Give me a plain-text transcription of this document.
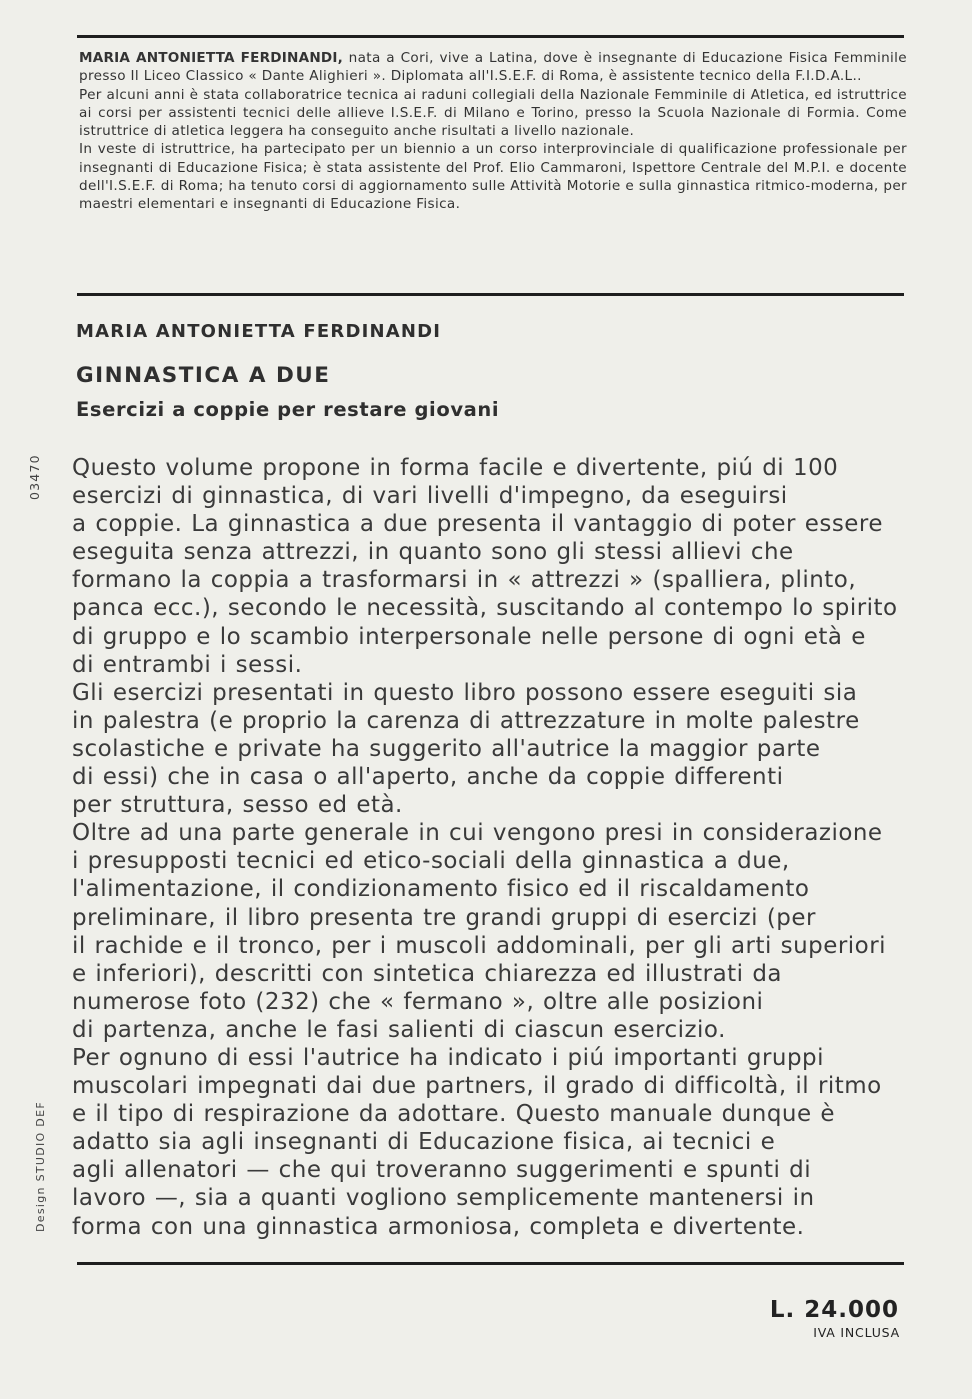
MARIA ANTONIETTA FERDINANDI, nata a Cori, vive a Latina, dove è insegnante di Educazione Fisica Femminile presso Il Liceo Classico « Dante Alighieri ». Diplomata all'I.S.E.F. di Roma, è assistente tecnico della F.I.D.A.L..

Per alcuni anni è stata collaboratrice tecnica ai raduni collegiali della Nazionale Femminile di Atletica, ed istruttrice ai corsi per assistenti tecnici delle allieve I.S.E.F. di Milano e Torino, presso la Scuola Nazionale di Formia. Come istruttrice di atletica leggera ha conseguito anche risultati a livello nazionale.

In veste di istruttrice, ha partecipato per un biennio a un corso interprovinciale di qualificazione professionale per insegnanti di Educazione Fisica; è stata assistente del Prof. Elio Cammaroni, Ispettore Centrale del M.P.I. e docente dell'I.S.E.F. di Roma; ha tenuto corsi di aggiornamento sulle Attività Motorie e sulla ginnastica ritmico-moderna, per maestri elementari e insegnanti di Educazione Fisica.

MARIA ANTONIETTA FERDINANDI
GINNASTICA A DUE
Esercizi a coppie per restare giovani
03470
Design STUDIO DEF
Questo volume propone in forma facile e divertente, piú di 100
esercizi di ginnastica, di vari livelli d'impegno, da eseguirsi
a coppie. La ginnastica a due presenta il vantaggio di poter essere
eseguita senza attrezzi, in quanto sono gli stessi allievi che
formano la coppia a trasformarsi in « attrezzi » (spalliera, plinto,
panca ecc.), secondo le necessità, suscitando al contempo lo spirito
di gruppo e lo scambio interpersonale nelle persone di ogni età e
di entrambi i sessi.
Gli esercizi presentati in questo libro possono essere eseguiti sia
in palestra (e proprio la carenza di attrezzature in molte palestre
scolastiche e private ha suggerito all'autrice la maggior parte
di essi) che in casa o all'aperto, anche da coppie differenti
per struttura, sesso ed età.
Oltre ad una parte generale in cui vengono presi in considerazione
i presupposti tecnici ed etico-sociali della ginnastica a due,
l'alimentazione, il condizionamento fisico ed il riscaldamento
preliminare, il libro presenta tre grandi gruppi di esercizi (per
il rachide e il tronco, per i muscoli addominali, per gli arti superiori
e inferiori), descritti con sintetica chiarezza ed illustrati da
numerose foto (232) che « fermano », oltre alle posizioni
di partenza, anche le fasi salienti di ciascun esercizio.
Per ognuno di essi l'autrice ha indicato i piú importanti gruppi
muscolari impegnati dai due partners, il grado di difficoltà, il ritmo
e il tipo di respirazione da adottare. Questo manuale dunque è
adatto sia agli insegnanti di Educazione fisica, ai tecnici e
agli allenatori — che qui troveranno suggerimenti e spunti di
lavoro —, sia a quanti vogliono semplicemente mantenersi in
forma con una ginnastica armoniosa, completa e divertente.
L. 24.000
IVA INCLUSA
